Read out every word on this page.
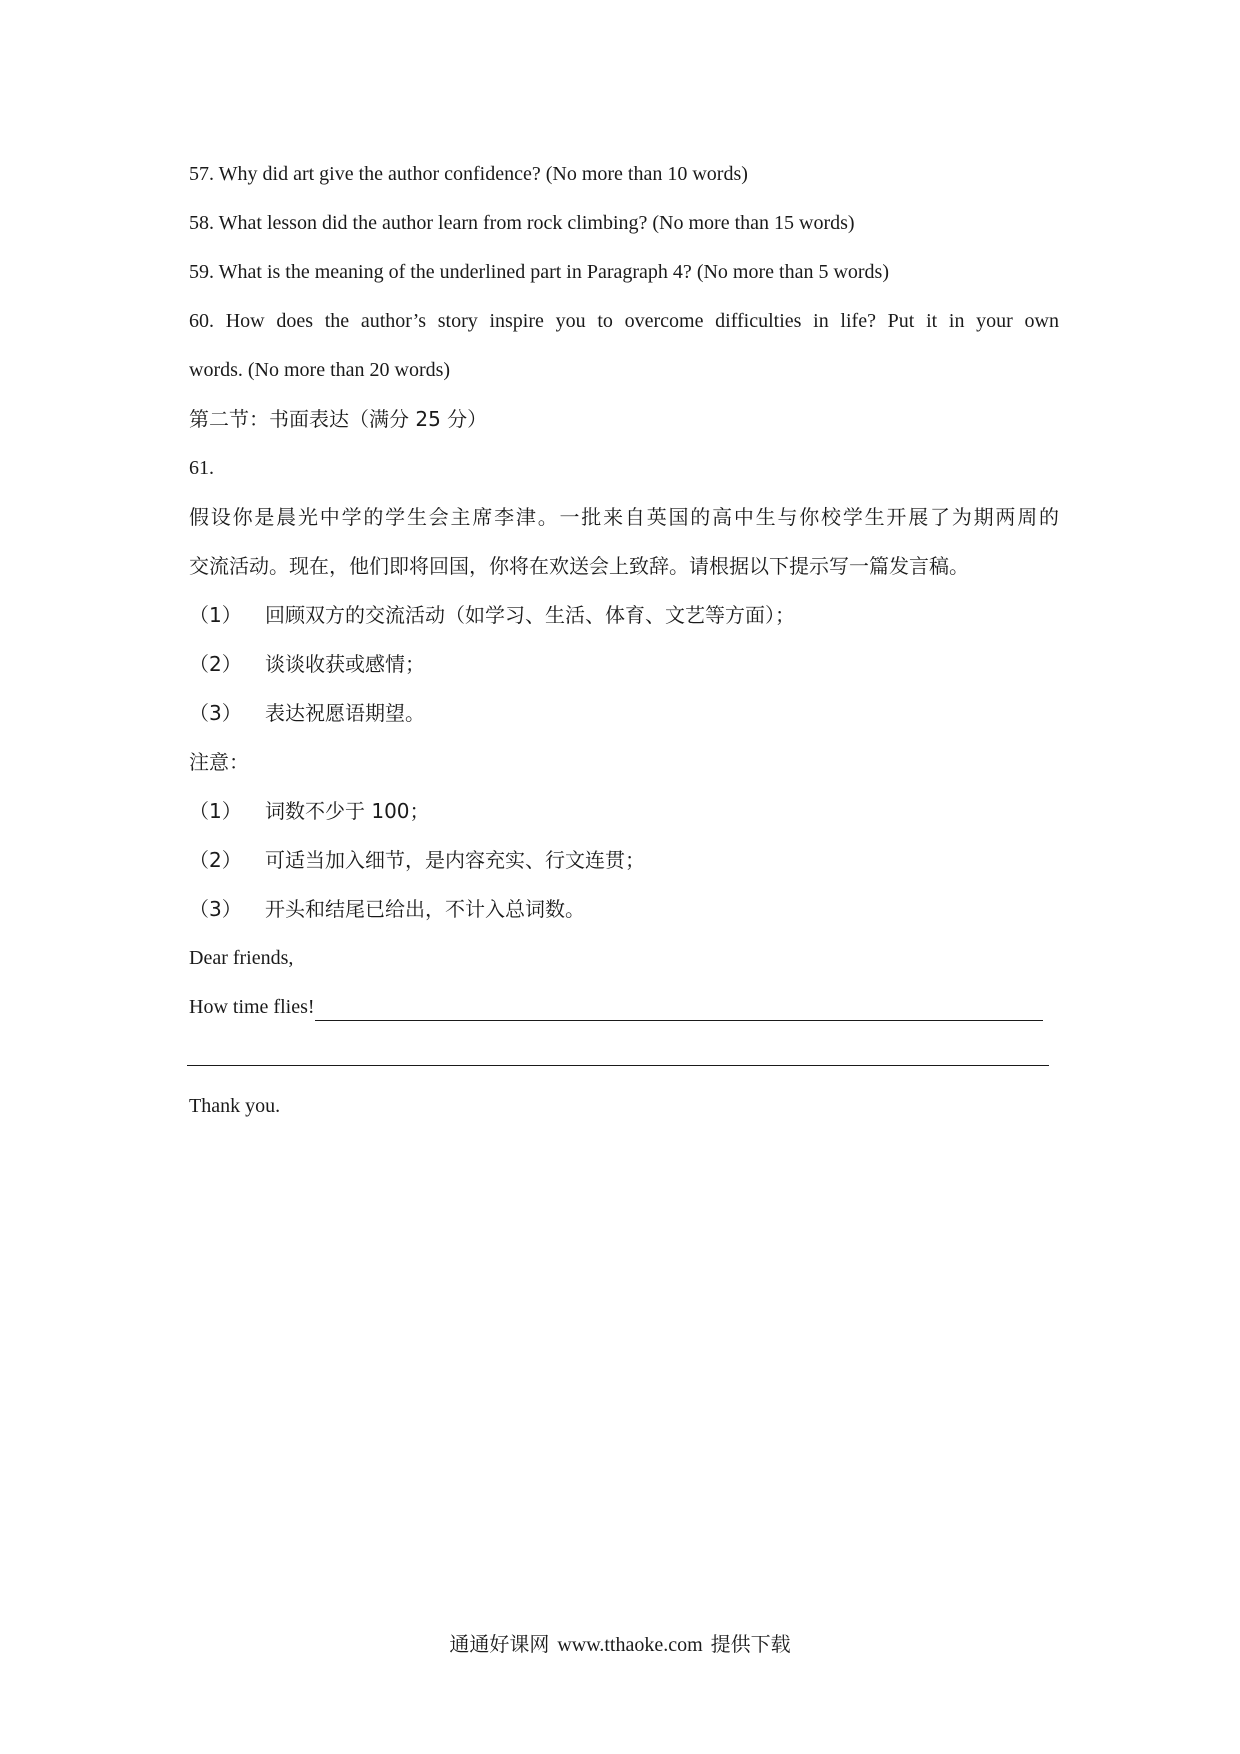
57. Why did art give the author confidence? (No more than 10 words)
58. What lesson did the author learn from rock climbing? (No more than 15 words)
59. What is the meaning of the underlined part in Paragraph 4? (No more than 5 words)
60. How does the author’s story inspire you to overcome difficulties in life? Put it in your own
words. (No more than 20 words)
第二节：书面表达（满分 25 分）
61.
假设你是晨光中学的学生会主席李津。一批来自英国的高中生与你校学生开展了为期两周的
交流活动。现在，他们即将回国，你将在欢送会上致辞。请根据以下提示写一篇发言稿。
（1） 回顾双方的交流活动（如学习、生活、体育、文艺等方面）；
（2） 谈谈收获或感情；
（3） 表达祝愿语期望。
注意：
（1） 词数不少于 100；
（2） 可适当加入细节，是内容充实、行文连贯；
（3） 开头和结尾已给出，不计入总词数。
Dear friends,
How time flies!
Thank you.
通通好课网 www.tthaoke.com 提供下载
